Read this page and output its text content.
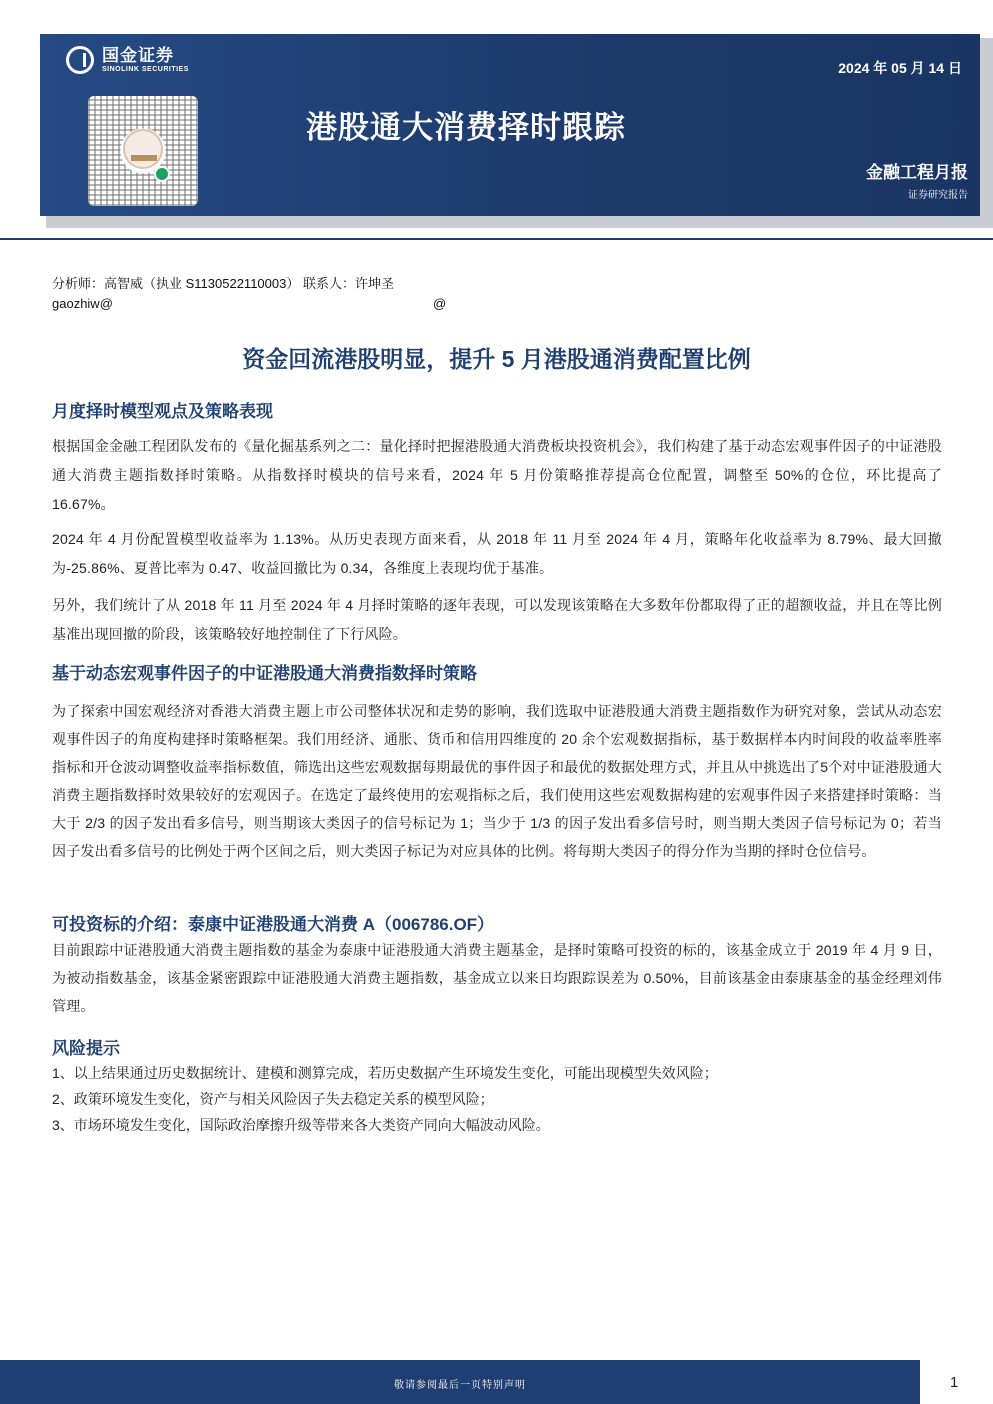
国金证券
SINOLINK SECURITIES
港股通大消费择时跟踪
2024 年 05 月 14 日
金融工程月报
证券研究报告
分析师：高智威（执业 S1130522110003） 联系人：许坤圣
gaozhiw@	@
资金回流港股明显，提升 5 月港股通消费配置比例
月度择时模型观点及策略表现
根据国金金融工程团队发布的《量化掘基系列之二：量化择时把握港股通大消费板块投资机会》，我们构建了基于动态宏观事件因子的中证港股通大消费主题指数择时策略。从指数择时模块的信号来看，2024 年 5 月份策略推荐提高仓位配置，调整至 50%的仓位，环比提高了 16.67%。
2024 年 4 月份配置模型收益率为 1.13%。从历史表现方面来看，从 2018 年 11 月至 2024 年 4 月，策略年化收益率为 8.79%、最大回撤为-25.86%、夏普比率为 0.47、收益回撤比为 0.34，各维度上表现均优于基准。
另外，我们统计了从 2018 年 11 月至 2024 年 4 月择时策略的逐年表现，可以发现该策略在大多数年份都取得了正的超额收益，并且在等比例基准出现回撤的阶段，该策略较好地控制住了下行风险。
基于动态宏观事件因子的中证港股通大消费指数择时策略
为了探索中国宏观经济对香港大消费主题上市公司整体状况和走势的影响，我们选取中证港股通大消费主题指数作为研究对象，尝试从动态宏观事件因子的角度构建择时策略框架。我们用经济、通胀、货币和信用四维度的 20 余个宏观数据指标，基于数据样本内时间段的收益率胜率指标和开仓波动调整收益率指标数值，筛选出这些宏观数据每期最优的事件因子和最优的数据处理方式，并且从中挑选出了5个对中证港股通大消费主题指数择时效果较好的宏观因子。在选定了最终使用的宏观指标之后，我们使用这些宏观数据构建的宏观事件因子来搭建择时策略：当大于 2/3 的因子发出看多信号，则当期该大类因子的信号标记为 1；当少于 1/3 的因子发出看多信号时，则当期大类因子信号标记为 0；若当因子发出看多信号的比例处于两个区间之后，则大类因子标记为对应具体的比例。将每期大类因子的得分作为当期的择时仓位信号。
可投资标的介绍：泰康中证港股通大消费 A（006786.OF）
目前跟踪中证港股通大消费主题指数的基金为泰康中证港股通大消费主题基金，是择时策略可投资的标的，该基金成立于 2019 年 4 月 9 日，为被动指数基金，该基金紧密跟踪中证港股通大消费主题指数，基金成立以来日均跟踪误差为 0.50%，目前该基金由泰康基金的基金经理刘伟管理。
风险提示
1、以上结果通过历史数据统计、建模和测算完成，若历史数据产生环境发生变化，可能出现模型失效风险；
2、政策环境发生变化，资产与相关风险因子失去稳定关系的模型风险；
3、市场环境发生变化，国际政治摩擦升级等带来各大类资产同向大幅波动风险。
敬请参阅最后一页特别声明	1
